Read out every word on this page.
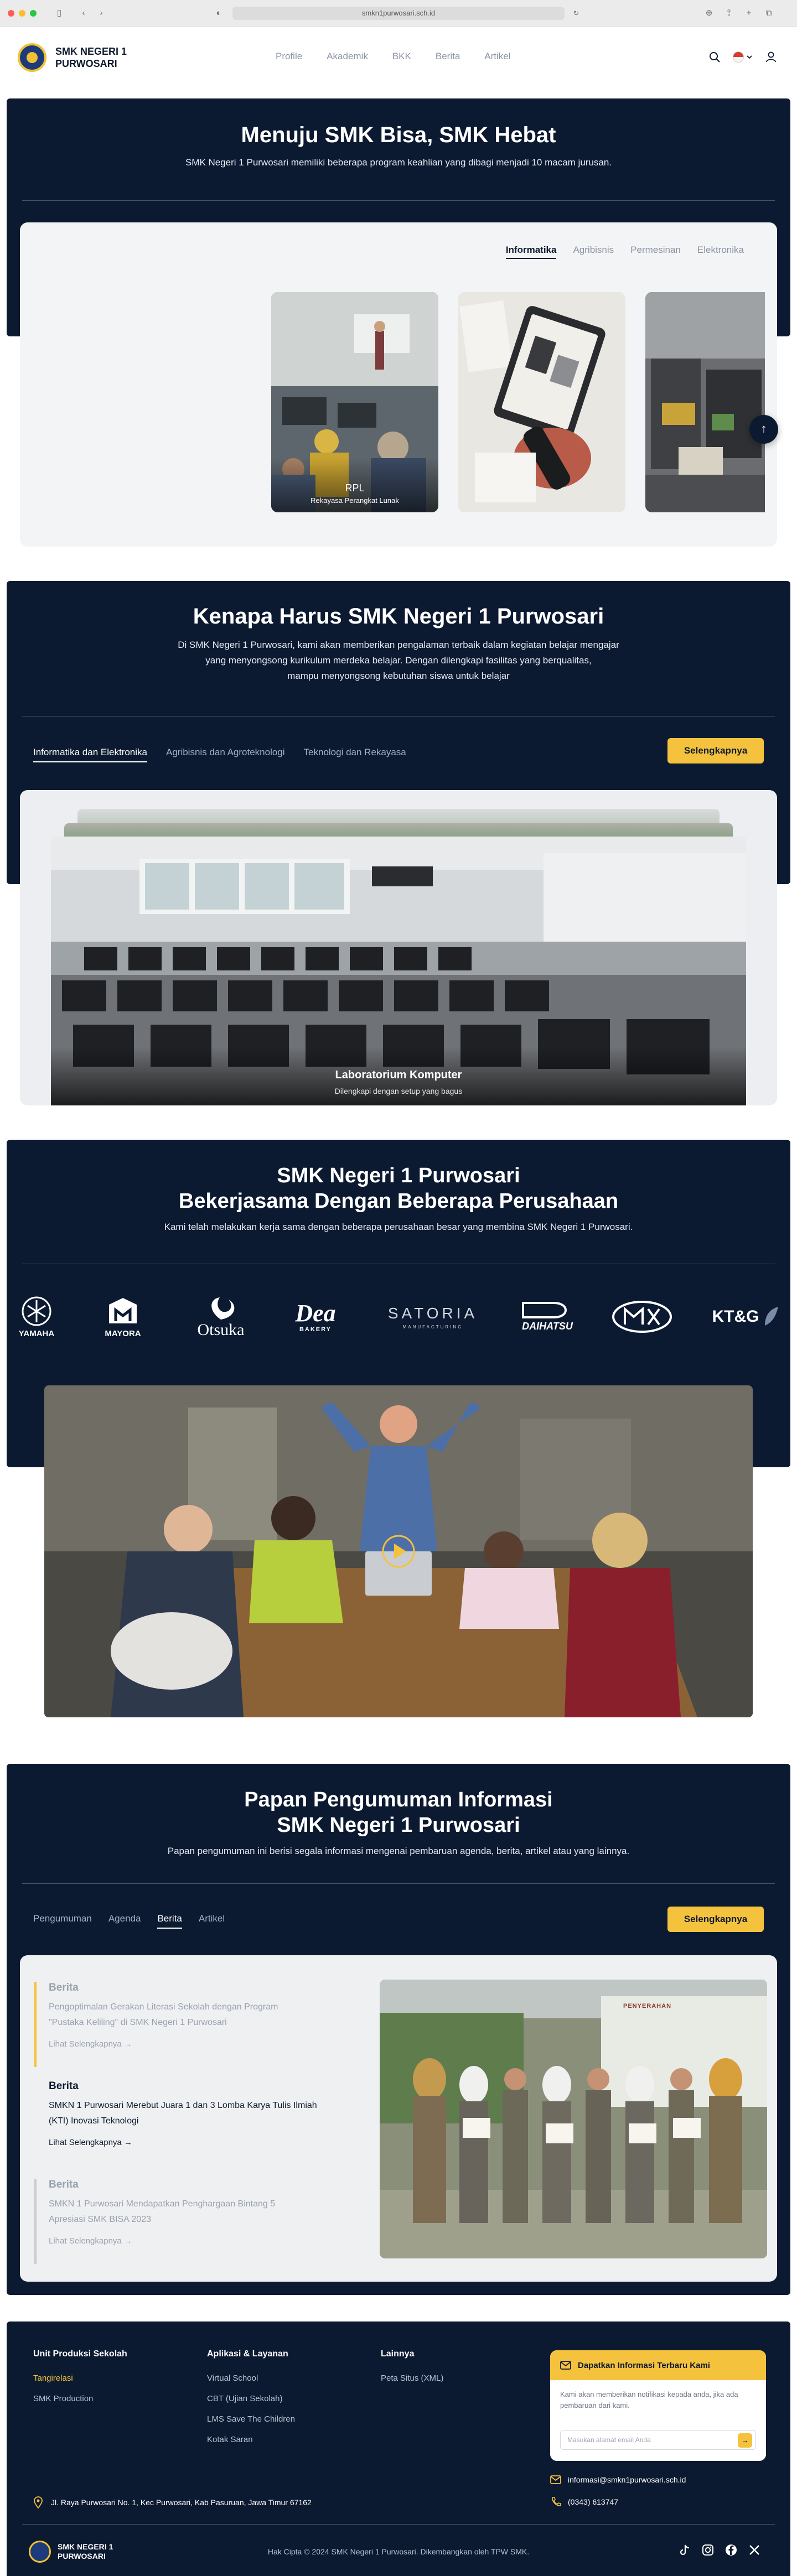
▯	‹	›	◐	smkn1purwosari.sch.id	↻	⊕	⇪	+	⧉
SMK NEGERI 1
PURWOSARI
Profile	Akademik	BKK	Berita	Artikel
Menuju SMK Bisa, SMK Hebat
SMK Negeri 1 Purwosari memiliki beberapa program keahlian yang dibagi menjadi 10 macam jurusan.
Informatika Agribisnis Permesinan Elektronika
RPL
Rekayasa Perangkat Lunak
↑
Kenapa Harus SMK Negeri 1 Purwosari
Di SMK Negeri 1 Purwosari, kami akan memberikan pengalaman terbaik dalam kegiatan belajar mengajar
yang menyongsong kurikulum merdeka belajar. Dengan dilengkapi fasilitas yang berqualitas,
mampu menyongsong kebutuhan siswa untuk belajar
Informatika dan Elektronika Agribisnis dan Agroteknologi Teknologi dan Rekayasa	Selengkapnya
Laboratorium Komputer
Dilengkapi dengan setup yang bagus
SMK Negeri 1 Purwosari
Bekerjasama Dengan Beberapa Perusahaan
Kami telah melakukan kerja sama dengan beberapa perusahaan besar yang membina SMK Negeri 1 Purwosari.
YAMAHA	MAYORA	Otsuka
Dea
BAKERY
SATORIA
MANUFACTURING	DAIHATSU
KT&G
Papan Pengumuman Informasi
SMK Negeri 1 Purwosari
Papan pengumuman ini berisi segala informasi mengenai pembaruan agenda, berita, artikel atau yang lainnya.
Pengumuman Agenda Berita Artikel	Selengkapnya
Berita
Pengoptimalan Gerakan Literasi Sekolah dengan Program
"Pustaka Keliling" di SMK Negeri 1 Purwosari
Lihat Selengkapnya →
Berita
SMKN 1 Purwosari Merebut Juara 1 dan 3 Lomba Karya Tulis Ilmiah
(KTI) Inovasi Teknologi
Lihat Selengkapnya →
Berita
SMKN 1 Purwosari Mendapatkan Penghargaan Bintang 5
Apresiasi SMK BISA 2023
Lihat Selengkapnya →
PENYERAHAN
Unit Produksi Sekolah
Tangirelasi
SMK Production
Aplikasi & Layanan
Virtual School
CBT (Ujian Sekolah)
LMS Save The Children
Kotak Saran
Lainnya
Peta Situs (XML)
Dapatkan Informasi Terbaru Kami
Kami akan memberikan notifikasi kepada anda, jika ada pembaruan dari kami.
Masukan alamat email Anda	→
informasi@smkn1purwosari.sch.id
(0343) 613747
Jl. Raya Purwosari No. 1, Kec Purwosari, Kab Pasuruan, Jawa Timur 67162
SMK NEGERI 1
PURWOSARI	Hak Cipta © 2024 SMK Negeri 1 Purwosari. Dikembangkan oleh TPW SMK.
